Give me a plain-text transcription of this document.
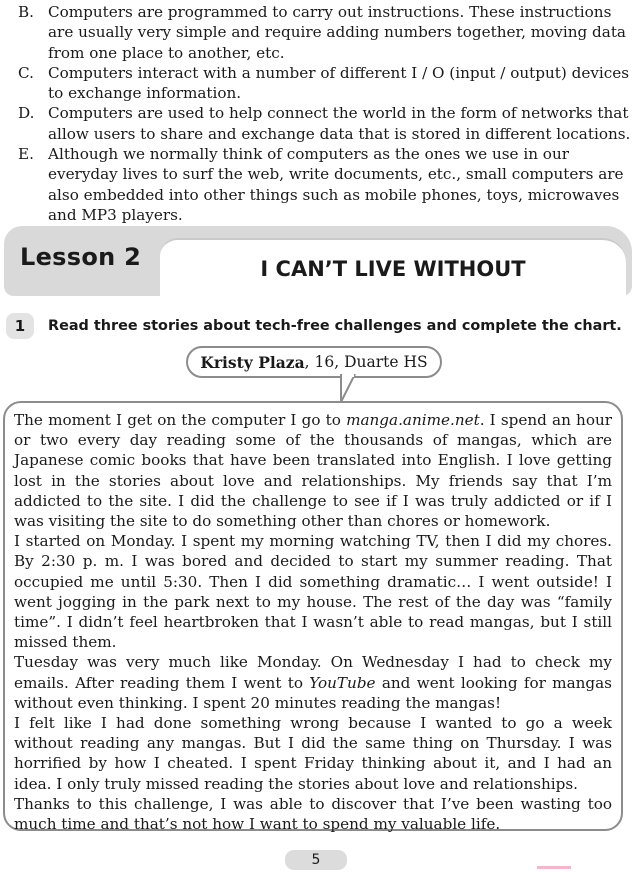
B. Computers are programmed to carry out instructions. These instructions are usually very simple and require adding numbers together, moving data from one place to another, etc.
C. Computers interact with a number of different I / O (input / output) devices to exchange information.
D. Computers are used to help connect the world in the form of networks that allow users to share and exchange data that is stored in different locations.
E. Although we normally think of computers as the ones we use in our everyday lives to surf the web, write documents, etc., small computers are also embedded into other things such as mobile phones, toys, microwaves and MP3 players.
Lesson 2	I CAN’T LIVE WITHOUT
1	Read three stories about tech-free challenges and complete the chart.
Kristy Plaza , 16, Duarte HS

The moment I get on the computer I go to manga.anime.net. I spend an hour or two every day reading some of the thousands of mangas, which are Japanese comic books that have been translated into English. I love getting lost in the stories about love and relationships. My friends say that I’m addicted to the site. I did the challenge to see if I was truly addicted or if I was visiting the site to do something other than chores or homework.

I started on Monday. I spent my morning watching TV, then I did my chores. By 2:30 p. m. I was bored and decided to start my summer reading. That occupied me until 5:30. Then I did something dramatic… I went outside! I went jogging in the park next to my house. The rest of the day was “family time”. I didn’t feel heartbroken that I wasn’t able to read mangas, but I still missed them.

Tuesday was very much like Monday. On Wednesday I had to check my emails. After reading them I went to YouTube and went looking for mangas without even thinking. I spent 20 minutes reading the mangas!

I felt like I had done something wrong because I wanted to go a week without reading any mangas. But I did the same thing on Thursday. I was horrified by how I cheated. I spent Friday thinking about it, and I had an idea. I only truly missed reading the stories about love and relationships.

Thanks to this challenge, I was able to discover that I’ve been wasting too much time and that’s not how I want to spend my valuable life.

5
